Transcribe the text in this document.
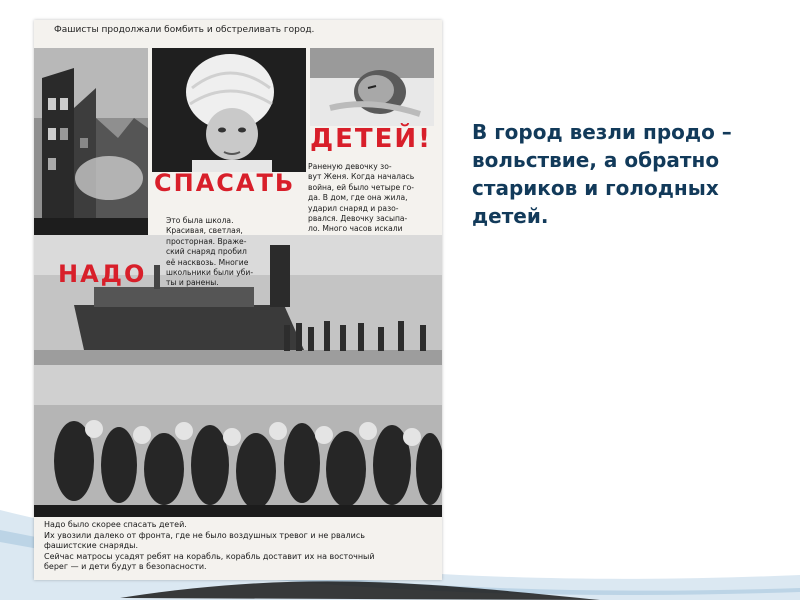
В город везли продо – вольствие, а обратно стариков и голодных детей.
Фашисты продолжали бомбить и обстреливать город.
ДЕТЕЙ!
СПАСАТЬ
Раненую девочку зо-
вут Женя. Когда началась
война, ей было четыре го-
да. В дом, где она жила,
ударил снаряд и разо-
рвался. Девочку засыпа-
ло. Много часов искали

НАДО
Это была школа.
Красивая, светлая,
просторная. Враже-
ский снаряд пробил
её насквозь. Многие
школьники были уби-
ты и ранены.
Надо было скорее спасать детей.
Их увозили далеко от фронта, где не было воздушных тревог и не рвались
фашистские снаряды.
Сейчас матросы усадят ребят на корабль, корабль доставит их на восточный
берег — и дети будут в безопасности.
